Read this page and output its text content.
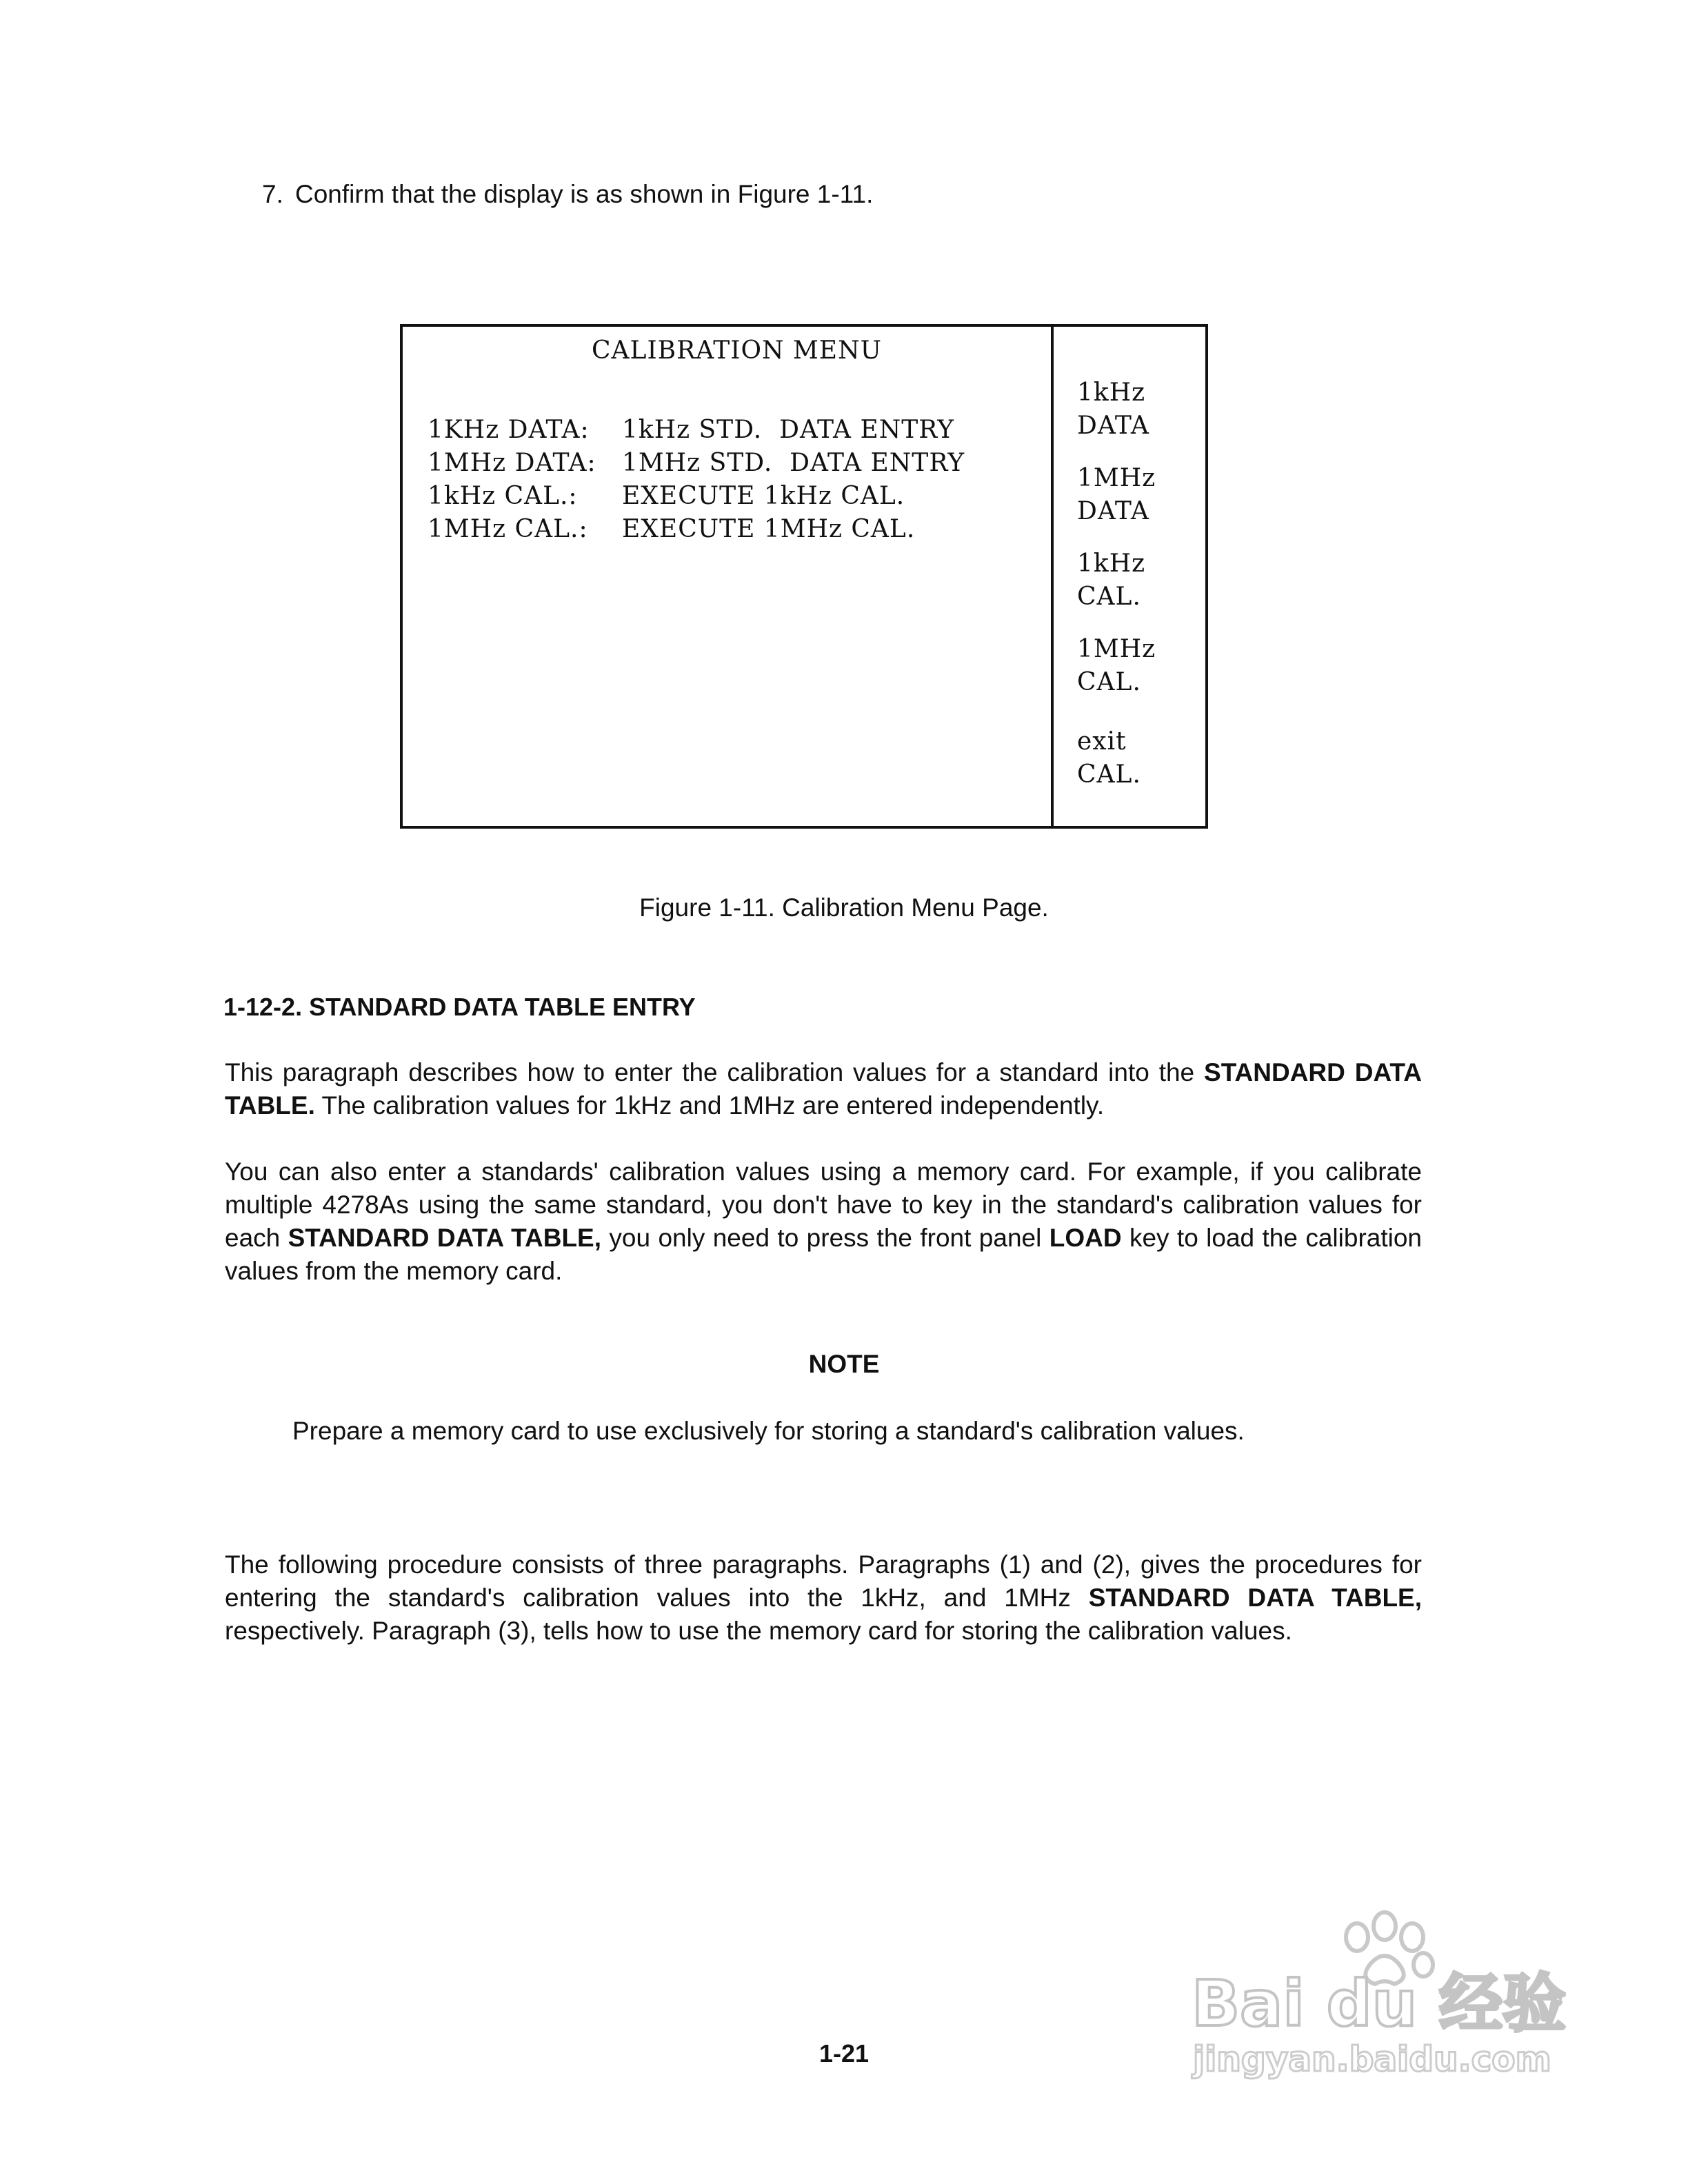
7. Confirm that the display is as shown in Figure 1-11.
CALIBRATION MENU
1KHz DATA: 1kHz STD.  DATA ENTRY
1MHz DATA: 1MHz STD.  DATA ENTRY
1kHz CAL.: EXECUTE 1kHz CAL.
1MHz CAL.: EXECUTE 1MHz CAL.
1kHz
DATA
1MHz
DATA
1kHz
CAL.
1MHz
CAL.
exit
CAL.
Figure 1-11. Calibration Menu Page.
1-12-2. STANDARD DATA TABLE ENTRY
This paragraph describes how to enter the calibration values for a standard into the STANDARD DATA TABLE. The calibration values for 1kHz and 1MHz are entered independently.
You can also enter a standards' calibration values using a memory card. For example, if you calibrate multiple 4278As using the same standard, you don't have to key in the standard's calibration values for each STANDARD DATA TABLE, you only need to press the front panel LOAD key to load the calibration values from the memory card.
NOTE
Prepare a memory card to use exclusively for storing a standard's calibration values.
The following procedure consists of three paragraphs. Paragraphs (1) and (2), gives the procedures for entering the standard's calibration values into the 1kHz, and 1MHz STANDARD DATA TABLE, respectively. Paragraph (3), tells how to use the memory card for storing the calibration values.
1-21
Bai du 经验
jingyan.baidu.com
